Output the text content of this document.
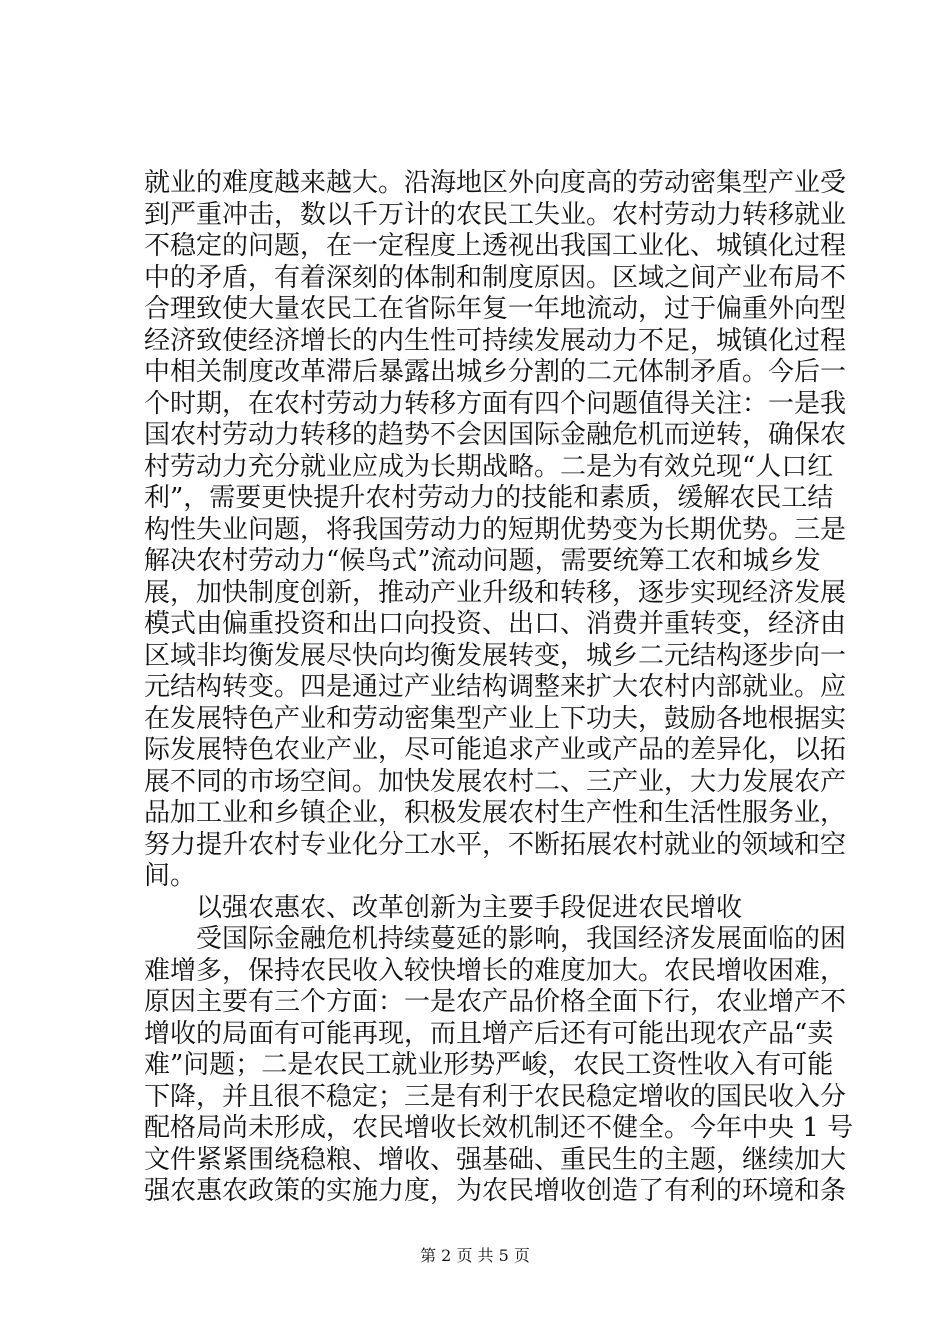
就业的难度越来越大。沿海地区外向度高的劳动密集型产业受
到严重冲击，数以千万计的农民工失业。农村劳动力转移就业
不稳定的问题，在一定程度上透视出我国工业化、城镇化过程
中的矛盾，有着深刻的体制和制度原因。区域之间产业布局不
合理致使大量农民工在省际年复一年地流动，过于偏重外向型
经济致使经济增长的内生性可持续发展动力不足，城镇化过程
中相关制度改革滞后暴露出城乡分割的二元体制矛盾。今后一
个时期，在农村劳动力转移方面有四个问题值得关注：一是我
国农村劳动力转移的趋势不会因国际金融危机而逆转，确保农
村劳动力充分就业应成为长期战略。二是为有效兑现“人口红
利”，需要更快提升农村劳动力的技能和素质，缓解农民工结
构性失业问题，将我国劳动力的短期优势变为长期优势。三是
解决农村劳动力“候鸟式”流动问题，需要统筹工农和城乡发
展，加快制度创新，推动产业升级和转移，逐步实现经济发展
模式由偏重投资和出口向投资、出口、消费并重转变，经济由
区域非均衡发展尽快向均衡发展转变，城乡二元结构逐步向一
元结构转变。四是通过产业结构调整来扩大农村内部就业。应
在发展特色产业和劳动密集型产业上下功夫，鼓励各地根据实
际发展特色农业产业，尽可能追求产业或产品的差异化，以拓
展不同的市场空间。加快发展农村二、三产业，大力发展农产
品加工业和乡镇企业，积极发展农村生产性和生活性服务业，
努力提升农村专业化分工水平，不断拓展农村就业的领域和空
间。
　　以强农惠农、改革创新为主要手段促进农民增收
　　受国际金融危机持续蔓延的影响，我国经济发展面临的困
难增多，保持农民收入较快增长的难度加大。农民增收困难，
原因主要有三个方面：一是农产品价格全面下行，农业增产不
增收的局面有可能再现，而且增产后还有可能出现农产品“卖
难”问题；二是农民工就业形势严峻，农民工资性收入有可能
下降，并且很不稳定；三是有利于农民稳定增收的国民收入分
配格局尚未形成，农民增收长效机制还不健全。今年中央 1 号
文件紧紧围绕稳粮、增收、强基础、重民生的主题，继续加大
强农惠农政策的实施力度，为农民增收创造了有利的环境和条
第 2 页 共 5 页
